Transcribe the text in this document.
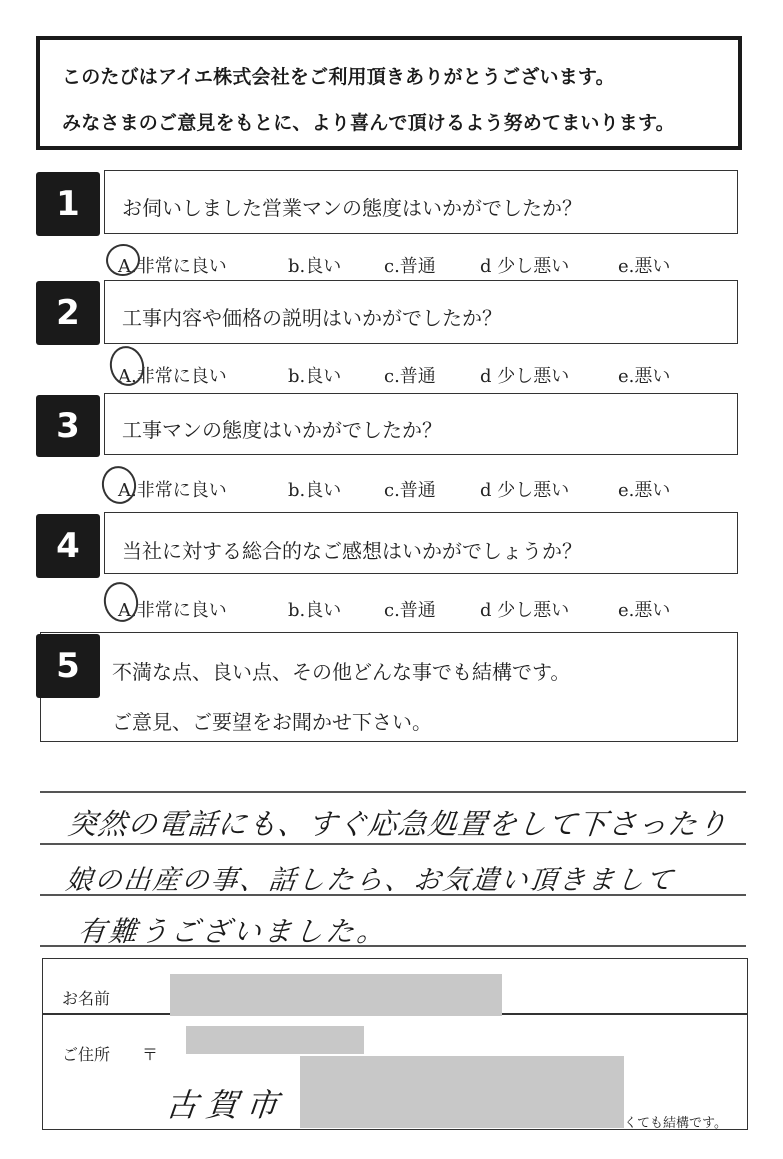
このたびはアイエ株式会社をご利用頂きありがとうございます。
みなさまのご意見をもとに、より喜んで頂けるよう努めてまいります。
1	お伺いしました営業マンの態度はいかがでしたか？
A.非常に良い	b.良い c.普通 d 少し悪い	e.悪い
2	工事内容や価格の説明はいかがでしたか？
A.非常に良い	b.良い c.普通 d 少し悪い	e.悪い
3	工事マンの態度はいかがでしたか？
A.非常に良い	b.良い c.普通 d 少し悪い	e.悪い
4	当社に対する総合的なご感想はいかがでしょうか？
A.非常に良い	b.良い c.普通 d 少し悪い	e.悪い
5	不満な点、良い点、その他どんな事でも結構です。
ご意見、ご要望をお聞かせ下さい。
突然の電話にも、すぐ応急処置をして下さったり
娘の出産の事、話したら、お気遣い頂きまして
有難うございました。
お名前
ご住所 〒
古賀市	くても結構です。
